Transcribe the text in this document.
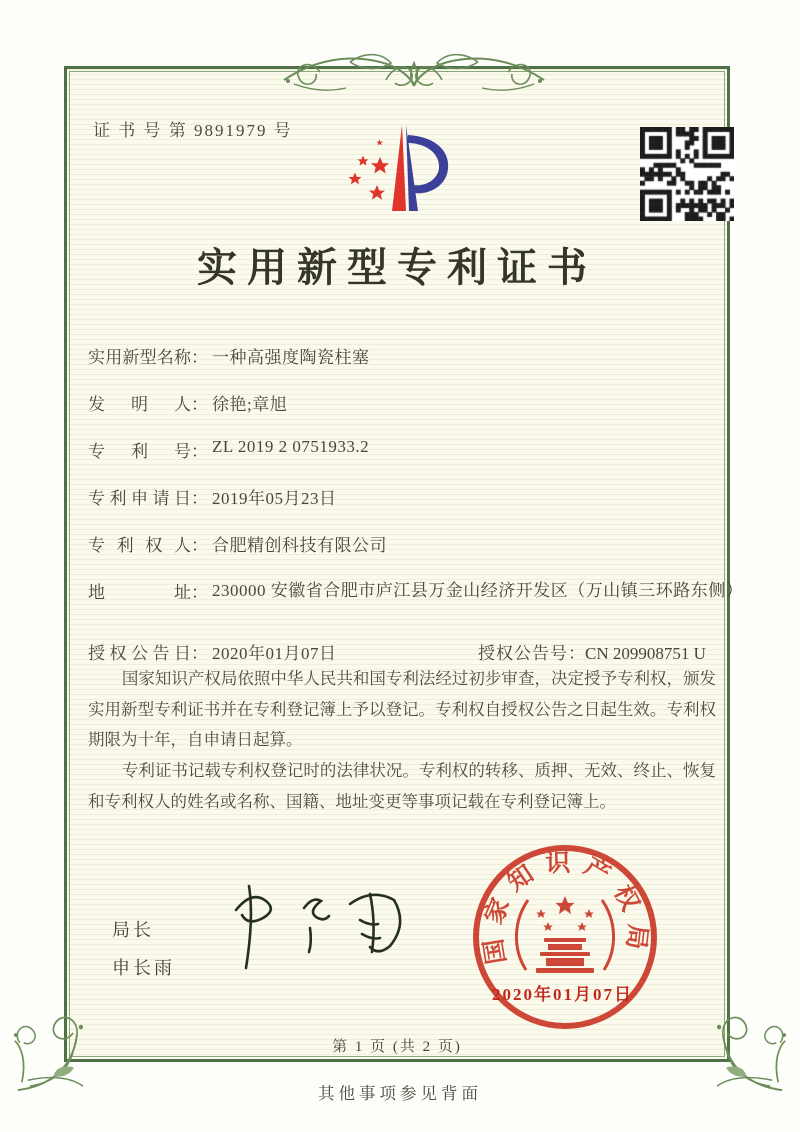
证 书 号 第 9891979 号
实用新型专利证书
实用新型名称： 一种高强度陶瓷柱塞
发明人： 徐艳;章旭
专利号： ZL 2019 2 0751933.2
专利申请日： 2019年05月23日
专利权人： 合肥精创科技有限公司
地址： 230000 安徽省合肥市庐江县万金山经济开发区（万山镇三环路东侧）
授权公告日： 2020年01月07日	授权公告号：CN 209908751 U

国家知识产权局依照中华人民共和国专利法经过初步审查，决定授予专利权，颁发实用新型专利证书并在专利登记簿上予以登记。专利权自授权公告之日起生效。专利权期限为十年，自申请日起算。

专利证书记载专利权登记时的法律状况。专利权的转移、质押、无效、终止、恢复和专利权人的姓名或名称、国籍、地址变更等事项记载在专利登记簿上。

局长
申长雨
国家知识产权局
2020年01月07日
第 1 页 (共 2 页)
其他事项参见背面
